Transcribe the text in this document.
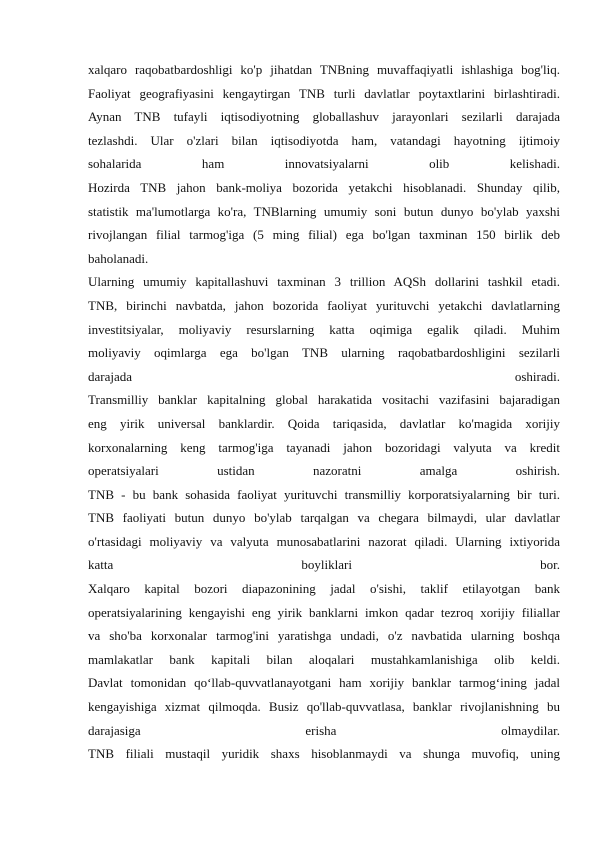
xalqaro raqobatbardoshligi ko'p jihatdan TNBning muvaffaqiyatli ishlashiga bog'liq.
Faoliyat geografiyasini kengaytirgan TNB turli davlatlar poytaxtlarini birlashtiradi.
Aynan TNB tufayli iqtisodiyotning globallashuv jarayonlari sezilarli darajada
tezlashdi. Ular o'zlari bilan iqtisodiyotda ham, vatandagi hayotning ijtimoiy
sohalarida ham innovatsiyalarni olib kelishadi.
Hozirda TNB jahon bank-moliya bozorida yetakchi hisoblanadi. Shunday qilib,
statistik ma'lumotlarga ko'ra, TNBlarning umumiy soni butun dunyo bo'ylab yaxshi
rivojlangan filial tarmog'iga (5 ming filial) ega bo'lgan taxminan 150 birlik deb
baholanadi.
Ularning umumiy kapitallashuvi taxminan 3 trillion AQSh dollarini tashkil etadi.
TNB, birinchi navbatda, jahon bozorida faoliyat yurituvchi yetakchi davlatlarning
investitsiyalar, moliyaviy resurslarning katta oqimiga egalik qiladi. Muhim
moliyaviy oqimlarga ega bo'lgan TNB ularning raqobatbardoshligini sezilarli
darajada oshiradi.
Transmilliy banklar kapitalning global harakatida vositachi vazifasini bajaradigan
eng yirik universal banklardir. Qoida tariqasida, davlatlar ko'magida xorijiy
korxonalarning keng tarmog'iga tayanadi jahon bozoridagi valyuta va kredit
operatsiyalari ustidan nazoratni amalga oshirish.
TNB - bu bank sohasida faoliyat yurituvchi transmilliy korporatsiyalarning bir turi.
TNB faoliyati butun dunyo bo'ylab tarqalgan va chegara bilmaydi, ular davlatlar
o'rtasidagi moliyaviy va valyuta munosabatlarini nazorat qiladi. Ularning ixtiyorida
katta boyliklari bor.
Xalqaro kapital bozori diapazonining jadal o'sishi, taklif etilayotgan bank
operatsiyalarining kengayishi eng yirik banklarni imkon qadar tezroq xorijiy filiallar
va sho'ba korxonalar tarmog'ini yaratishga undadi, o'z navbatida ularning boshqa
mamlakatlar bank kapitali bilan aloqalari mustahkamlanishiga olib keldi.
Davlat tomonidan qo‘llab-quvvatlanayotgani ham xorijiy banklar tarmog‘ining jadal
kengayishiga xizmat qilmoqda. Busiz qo'llab-quvvatlasa, banklar rivojlanishning bu
darajasiga erisha olmaydilar.
TNB filiali mustaqil yuridik shaxs hisoblanmaydi va shunga muvofiq, uning
